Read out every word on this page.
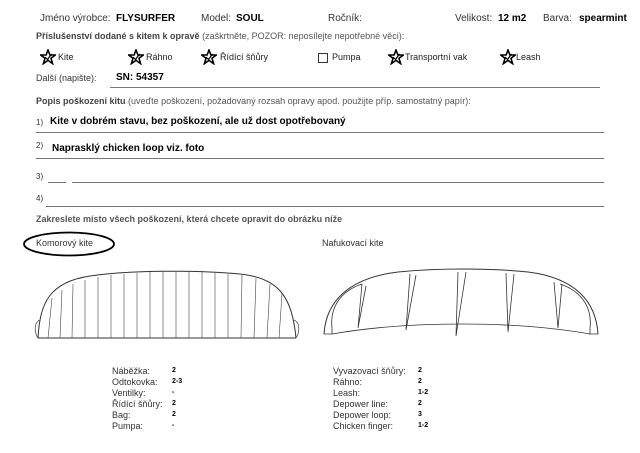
Jméno výrobce: FLYSURFER	Model: SOUL	Ročník:	Velikost: 12 m2 Barva: spearmint
Příslušenství dodané s kitem k opravě (zaškrtněte, POZOR: neposílejte nepotřebné věci):
Kite	Ráhno	Řídící šňůry	Pumpa	Transportní vak	Leash
Další (napište): SN: 54357
Popis poškození kitu (uveďte poškození, požadovaný rozsah opravy apod. použijte příp. samostatný papír):
1) Kite v dobrém stavu, bez poškození, ale už dost opotřebovaný
2) Naprasklý chicken loop viz. foto
3)
4)
Zakreslete místo všech poškození, která chcete opravit do obrázku níže
Komorový kite	Nafukovací kite
Náběžka:	2
Odtokovka: 2-3
Ventilky:	-
Řídící šňůry: 2
Bag:	2
Pumpa:	-
Vyvazovací šňůry: 2
Ráhno:	2
Leash:	1-2
Depower line:	2
Depower loop:	3
Chicken finger:	1-2
